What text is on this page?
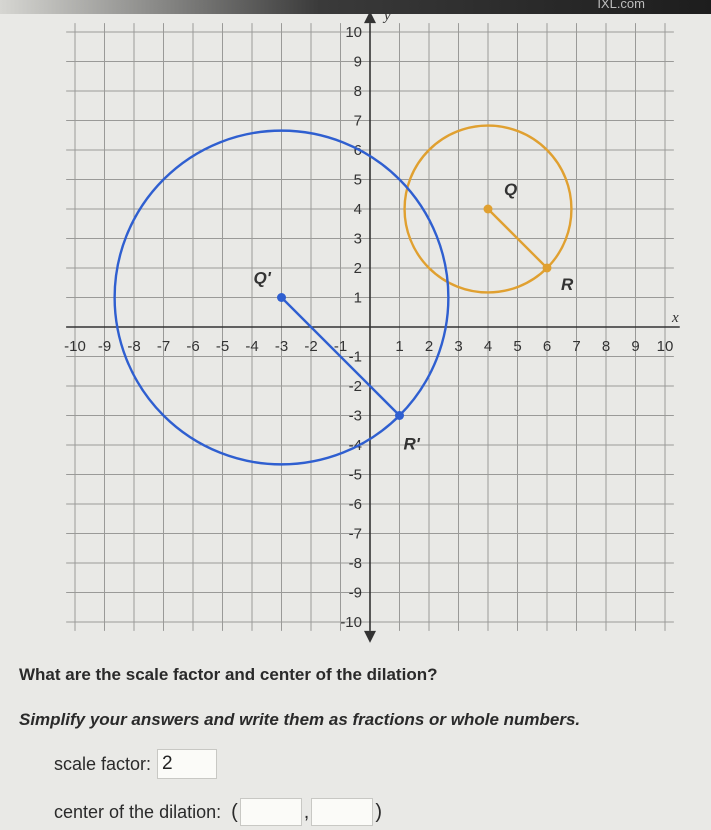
IXL.com
-10 -9 -8 -7 -6 -5 -4 -3 -2 -1	1 2 3 4 5 6 7 8 9 10
10
9
8
7
6
5
4
3
2
1
-1
-2
-3
-4
-5
-6
-7
-8
-9
-10
Q
R
Q'
R'
x
y
What are the scale factor and center of the dilation?
Simplify your answers and write them as fractions or whole numbers.
scale factor: 2
center of the dilation: (	,	)
